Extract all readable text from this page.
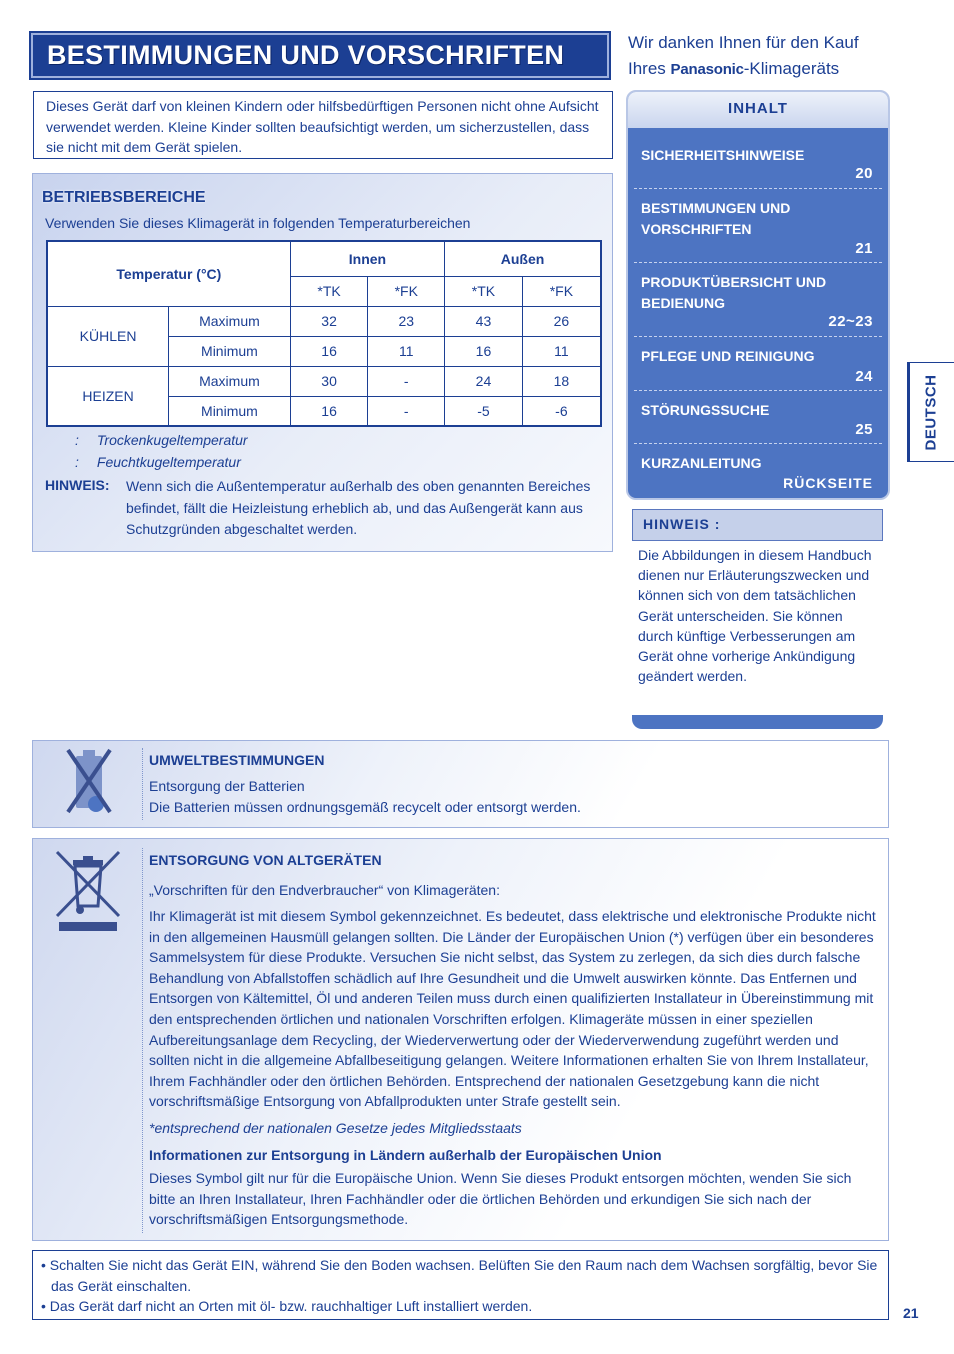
BESTIMMUNGEN UND VORSCHRIFTEN	Wir danken Ihnen für den Kauf
Ihres Panasonic-Klimageräts
Dieses Gerät darf von kleinen Kindern oder hilfsbedürftigen Personen nicht ohne Aufsicht verwendet werden. Kleine Kinder sollten beaufsichtigt werden, um sicherzustellen, dass sie nicht mit dem Gerät spielen.
BETRIEBSBEREICHE
Verwenden Sie dieses Klimagerät in folgenden Temperaturbereichen
Temperatur (°C)		Innen		Außen	
		*TK	*FK	*TK	*FK
KÜHLEN	Maximum	32	23	43	26
	Minimum	16	11	16	11
HEIZEN	Maximum	30	-	24	18
	Minimum	16	-	-5	-6
: Trockenkugeltemperatur
: Feuchtkugeltemperatur
HINWEIS: Wenn sich die Außentemperatur außerhalb des oben genannten Bereiches befindet, fällt die Heizleistung erheblich ab, und das Außengerät kann aus Schutzgründen abgeschaltet werden.
INHALT
SICHERHEITSHINWEISE
20
BESTIMMUNGEN UND VORSCHRIFTEN
21
PRODUKTÜBERSICHT UND BEDIENUNG
22~23
PFLEGE UND REINIGUNG
24
STÖRUNGSSUCHE
25
KURZANLEITUNG
RÜCKSEITE
HINWEIS :
Die Abbildungen in diesem Handbuch dienen nur Erläuterungszwecken und können sich von dem tatsächlichen Gerät unterscheiden. Sie können durch künftige Verbesserungen am Gerät ohne vorherige Ankündigung geändert werden.
DEUTSCH
UMWELTBESTIMMUNGEN
Entsorgung der Batterien
Die Batterien müssen ordnungsgemäß recycelt oder entsorgt werden.
ENTSORGUNG VON ALTGERÄTEN
„Vorschriften für den Endverbraucher“ von Klimageräten:
Ihr Klimagerät ist mit diesem Symbol gekennzeichnet. Es bedeutet, dass elektrische und elektronische Produkte nicht in den allgemeinen Hausmüll gelangen sollten. Die Länder der Europäischen Union (*) verfügen über ein besonderes Sammelsystem für diese Produkte. Versuchen Sie nicht selbst, das System zu zerlegen, da sich dies durch falsche Behandlung von Abfallstoffen schädlich auf Ihre Gesundheit und die Umwelt auswirken könnte. Das Entfernen und Entsorgen von Kältemittel, Öl und anderen Teilen muss durch einen qualifizierten Installateur in Übereinstimmung mit den entsprechenden örtlichen und nationalen Vorschriften erfolgen. Klimageräte müssen in einer speziellen Aufbereitungsanlage dem Recycling, der Wiederverwertung oder der Wiederverwendung zugeführt werden und sollten nicht in die allgemeine Abfallbeseitigung gelangen. Weitere Informationen erhalten Sie von Ihrem Installateur, Ihrem Fachhändler oder den örtlichen Behörden. Entsprechend der nationalen Gesetzgebung kann die nicht vorschriftsmäßige Entsorgung von Abfallprodukten unter Strafe gestellt sein.
*entsprechend der nationalen Gesetze jedes Mitgliedsstaats
Informationen zur Entsorgung in Ländern außerhalb der Europäischen Union
Dieses Symbol gilt nur für die Europäische Union. Wenn Sie dieses Produkt entsorgen möchten, wenden Sie sich bitte an Ihren Installateur, Ihren Fachhändler oder die örtlichen Behörden und erkundigen Sie sich nach der vorschriftsmäßigen Entsorgungsmethode.
• Schalten Sie nicht das Gerät EIN, während Sie den Boden wachsen. Belüften Sie den Raum nach dem Wachsen sorgfältig, bevor Sie das Gerät einschalten.
• Das Gerät darf nicht an Orten mit öl- bzw. rauchhaltiger Luft installiert werden.	21
